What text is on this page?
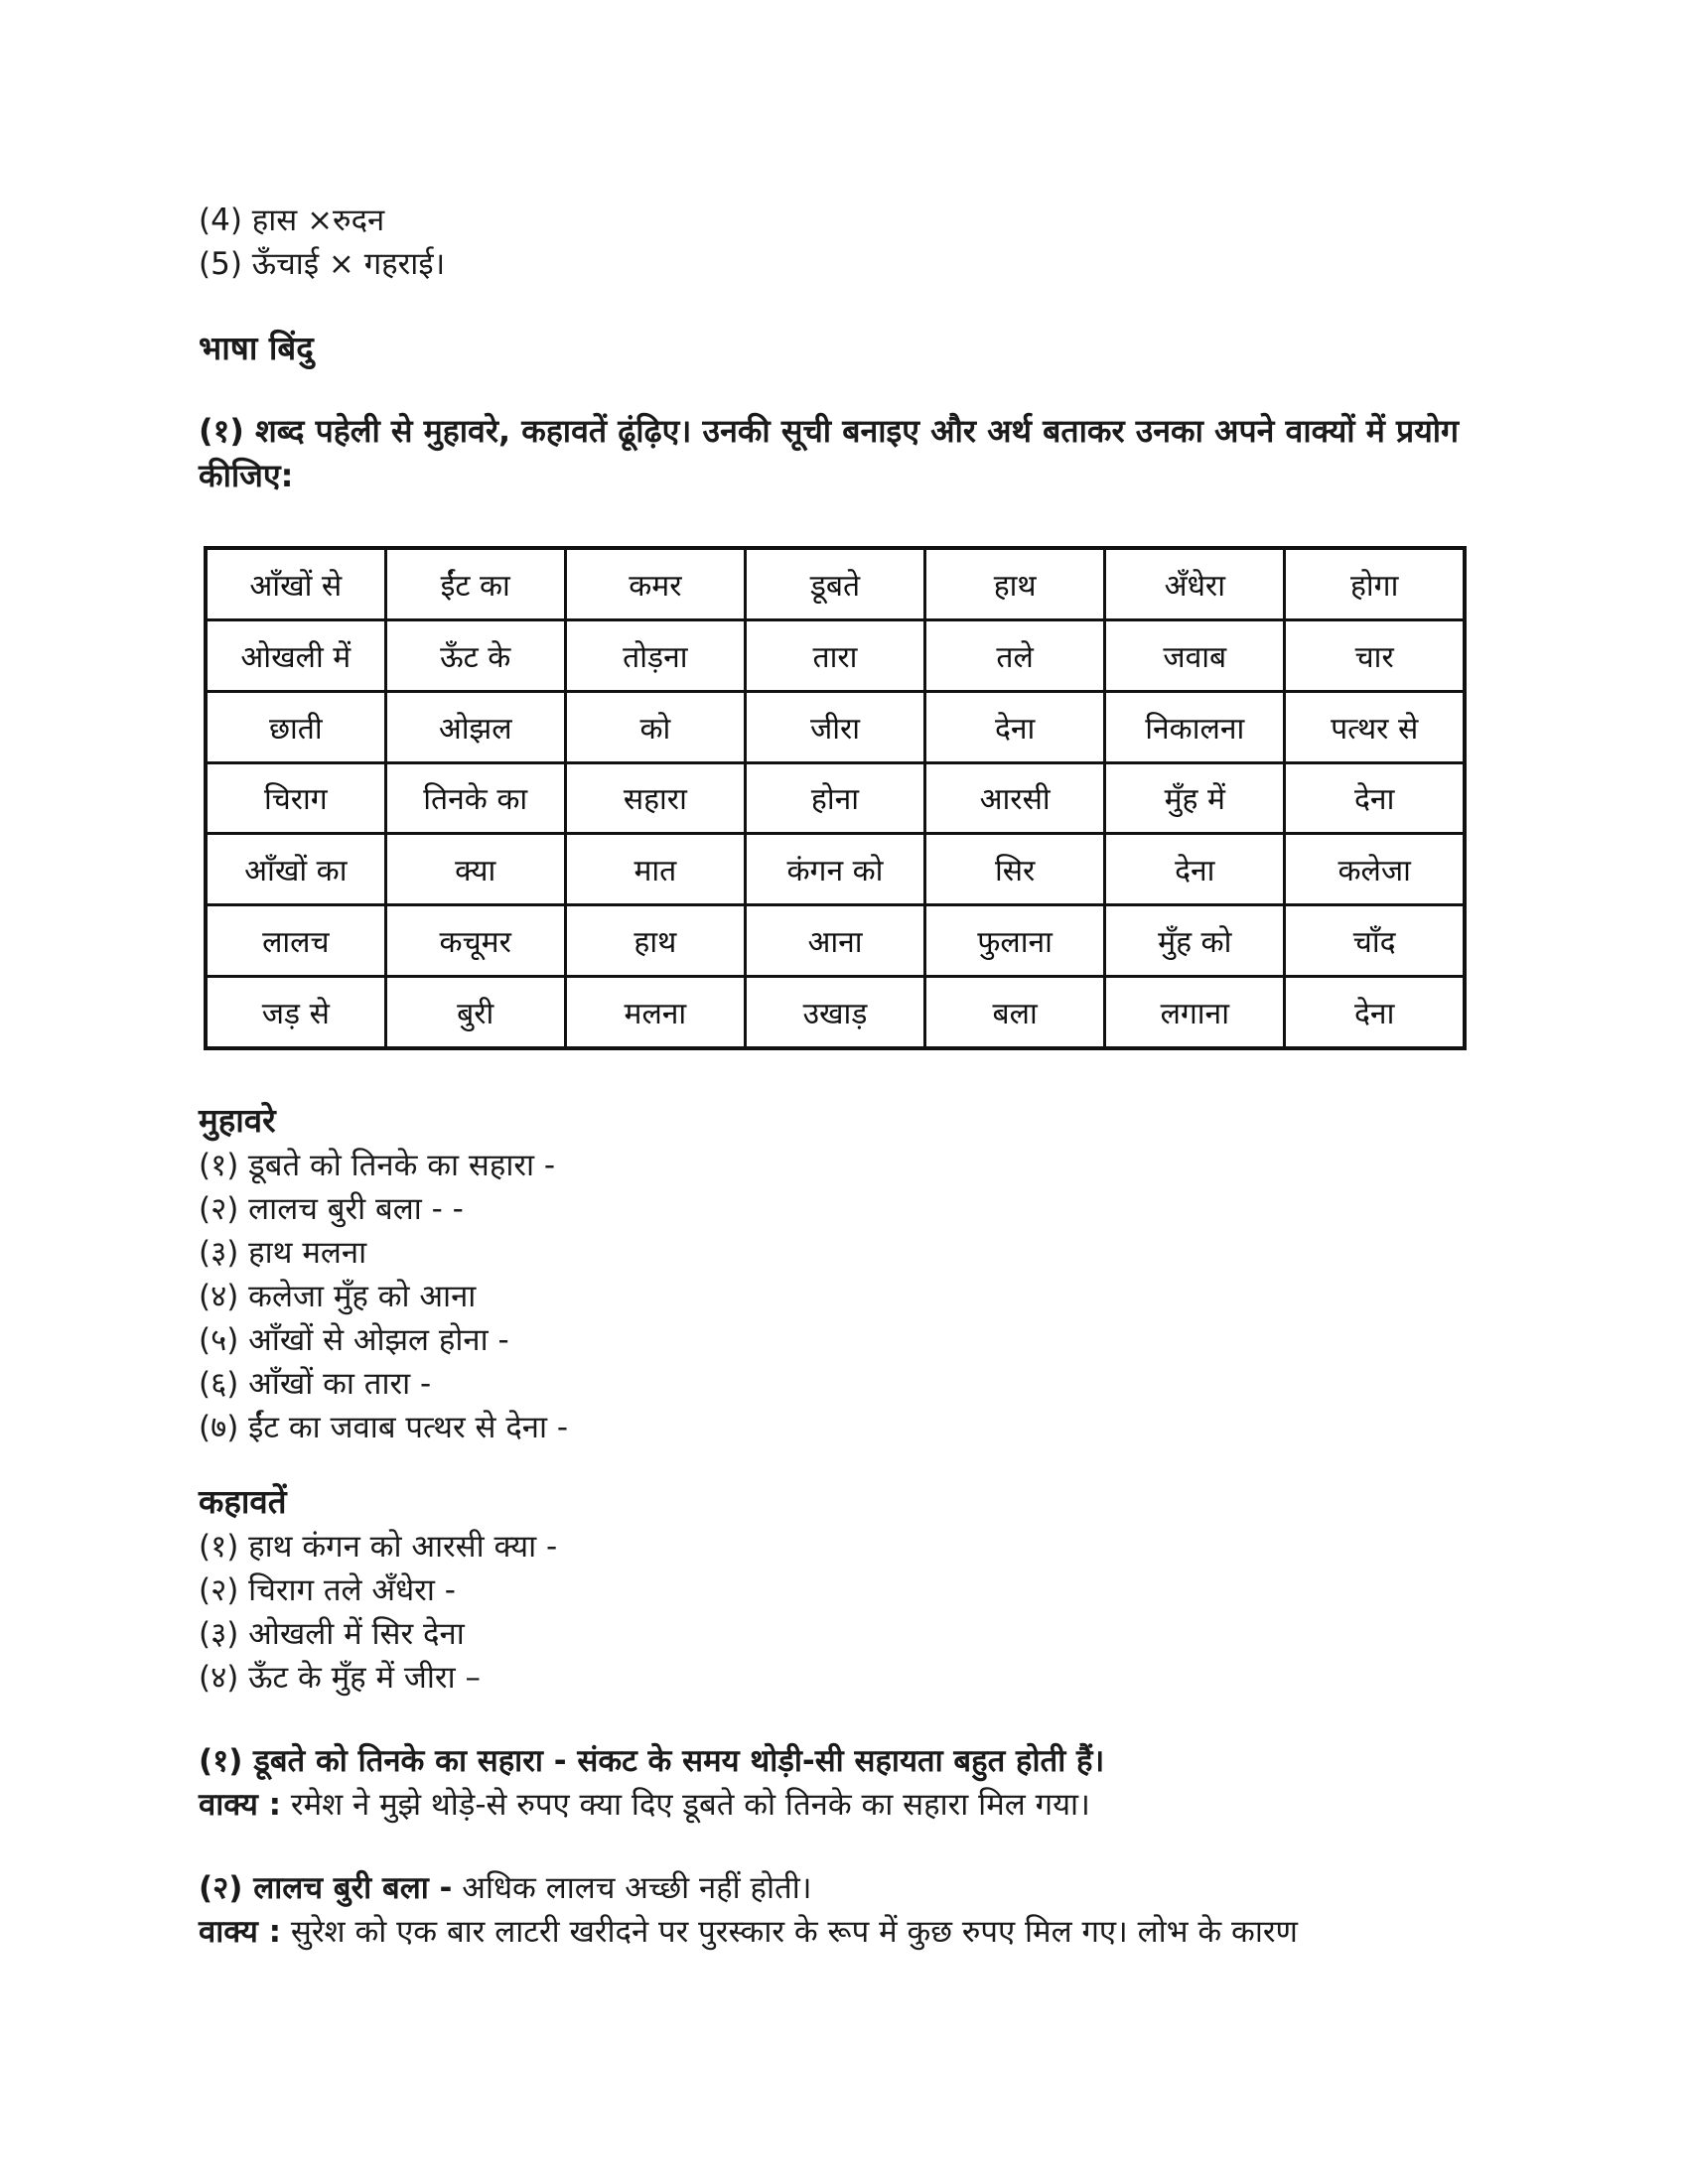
(4) हास ×रुदन
(5) ऊँचाई × गहराई।
भाषा बिंदु
(१) शब्द पहेली से मुहावरे, कहावतें ढूंढ़िए। उनकी सूची बनाइए और अर्थ बताकर उनका अपने वाक्यों में प्रयोग कीजिए:
आँखों से	ईंट का	कमर	डूबते	हाथ	अँधेरा	होगा
ओखली में	ऊँट के	तोड़ना	तारा	तले	जवाब	चार
छाती	ओझल	को	जीरा	देना	निकालना	पत्थर से
चिराग	तिनके का	सहारा	होना	आरसी	मुँह में	देना
आँखों का	क्या	मात	कंगन को	सिर	देना	कलेजा
लालच	कचूमर	हाथ	आना	फुलाना	मुँह को	चाँद
जड़ से	बुरी	मलना	उखाड़	बला	लगाना	देना
मुहावरे
(१) डूबते को तिनके का सहारा -
(२) लालच बुरी बला - -
(३) हाथ मलना
(४) कलेजा मुँह को आना
(५) आँखों से ओझल होना -
(६) आँखों का तारा -
(७) ईंट का जवाब पत्थर से देना -
कहावतें
(१) हाथ कंगन को आरसी क्या -
(२) चिराग तले अँधेरा -
(३) ओखली में सिर देना
(४) ऊँट के मुँह में जीरा –
(१) डूबते को तिनके का सहारा - संकट के समय थोड़ी-सी सहायता बहुत होती हैं।
वाक्य : रमेश ने मुझे थोड़े-से रुपए क्या दिए डूबते को तिनके का सहारा मिल गया।
(२) लालच बुरी बला - अधिक लालच अच्छी नहीं होती।
वाक्य : सुरेश को एक बार लाटरी खरीदने पर पुरस्कार के रूप में कुछ रुपए मिल गए। लोभ के कारण
